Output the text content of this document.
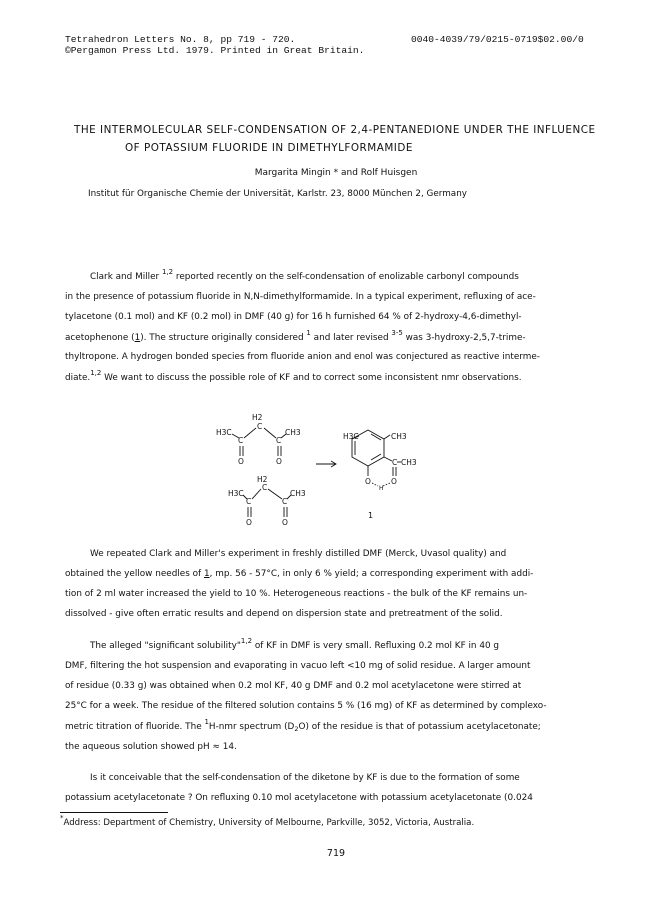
Tetrahedron Letters No. 8, pp 719 - 720.
©Pergamon Press Ltd. 1979. Printed in Great Britain.
0040-4039/79/0215-0719$02.00/0
THE INTERMOLECULAR SELF-CONDENSATION OF 2,4-PENTANEDIONE UNDER THE INFLUENCE
OF POTASSIUM FLUORIDE IN DIMETHYLFORMAMIDE
Margarita Mingin * and Rolf Huisgen
Institut für Organische Chemie der Universität, Karlstr. 23, 8000 München 2, Germany
Clark and Miller $^{1,2}$ reported recently on the self-condensation of enolizable carbonyl compounds
in the presence of potassium fluoride in N,N-dimethylformamide. In a typical experiment, refluxing of ace-
tylacetone (0.1 mol) and KF (0.2 mol) in DMF (40 g) for 16 h furnished 64 % of 2-hydroxy-4,6-dimethyl-
acetophenone (1). The structure originally considered $^1$ and later revised $^{3-5}$ was 3-hydroxy-2,5,7-trime-
thyltropone. A hydrogen bonded species from fluoride anion and enol was conjectured as reactive interme-
diate.$^{1,2}$ We want to discuss the possible role of KF and to correct some inconsistent nmr observations.
H2
H3C
C
CH3
C	C
O	O
H2
H3C
C
CH3
C	C
O	O
H3C	CH3
C CH3
O
O
H
1
We repeated Clark and Miller's experiment in freshly distilled DMF (Merck, Uvasol quality) and
obtained the yellow needles of 1, mp. 56 - 57°C, in only 6 % yield; a corresponding experiment with addi-
tion of 2 ml water increased the yield to 10 %. Heterogeneous reactions - the bulk of the KF remains un-
dissolved - give often erratic results and depend on dispersion state and pretreatment of the solid.
The alleged "significant solubility"$^{1,2}$ of KF in DMF is very small. Refluxing 0.2 mol KF in 40 g
DMF, filtering the hot suspension and evaporating in vacuo left <10 mg of solid residue. A larger amount
of residue (0.33 g) was obtained when 0.2 mol KF, 40 g DMF and 0.2 mol acetylacetone were stirred at
25°C for a week. The residue of the filtered solution contains 5 % (16 mg) of KF as determined by complexo-
metric titration of fluoride. The $^1$H-nmr spectrum $(D_2O)$ of the residue is that of potassium acetylacetonate;
the aqueous solution showed pH ≈ 14.
Is it conceivable that the self-condensation of the diketone by KF is due to the formation of some
potassium acetylacetonate ? On refluxing 0.10 mol acetylacetone with potassium acetylacetonate (0.024
*Address: Department of Chemistry, University of Melbourne, Parkville, 3052, Victoria, Australia.
719
